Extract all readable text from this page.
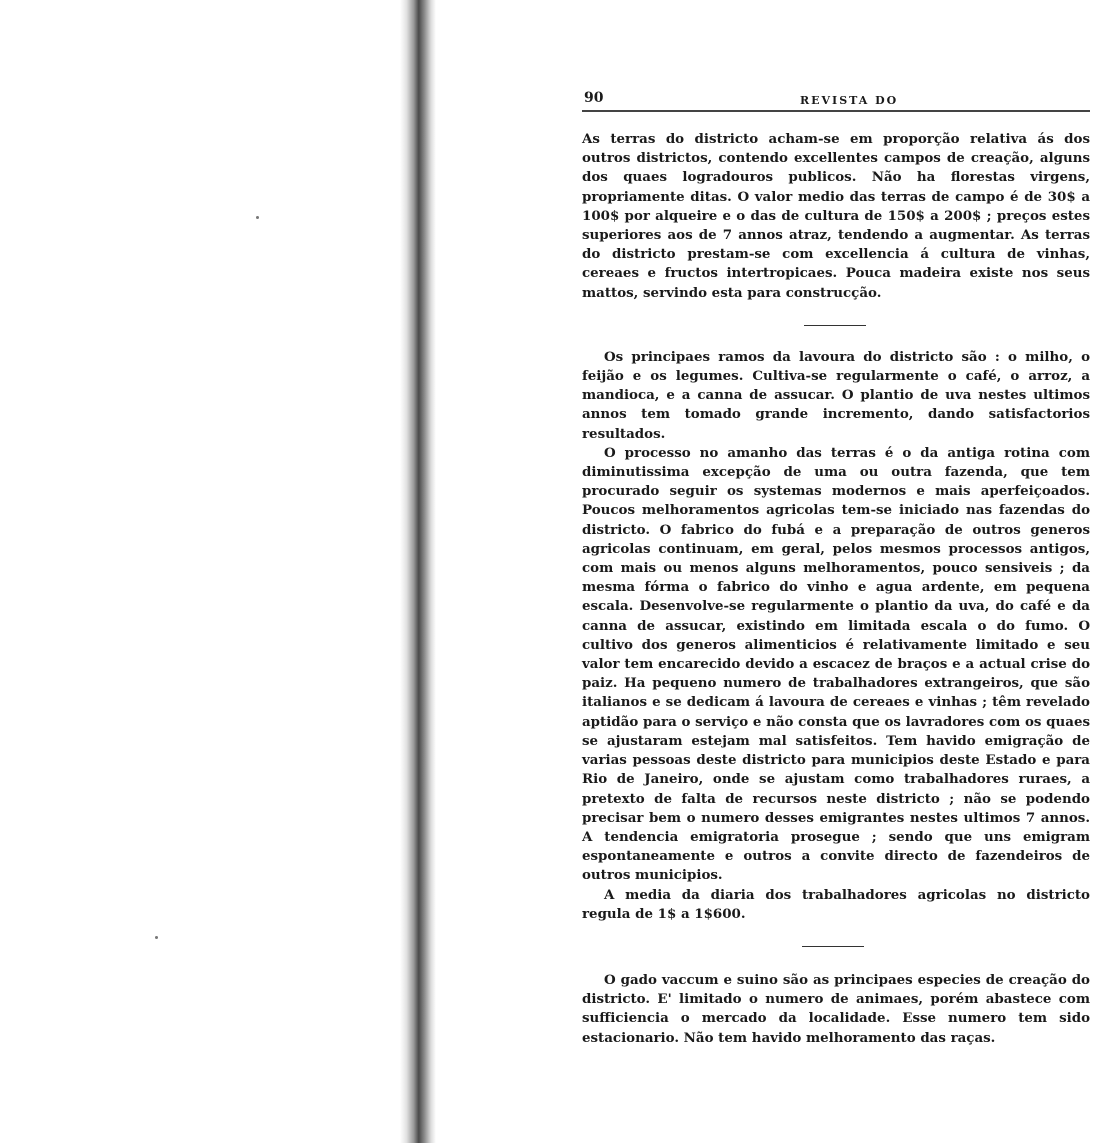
90	REVISTA DO

As terras do districto acham-se em proporção relativa ás dos outros districtos, contendo excellentes campos de creação, alguns dos quaes logradouros publicos. Não ha florestas virgens, propriamente ditas. O valor medio das terras de campo é de 30$ a 100$ por alqueire e o das de cultura de 150$ a 200$ ; preços estes superiores aos de 7 annos atraz, tendendo a augmentar. As terras do districto prestam-se com excellencia á cultura de vinhas, cereaes e fructos intertropicaes. Pouca madeira existe nos seus mattos, servindo esta para construcção.

Os principaes ramos da lavoura do districto são : o milho, o feijão e os legumes. Cultiva-se regularmente o café, o arroz, a mandioca, e a canna de assucar. O plantio de uva nestes ultimos annos tem tomado grande incremento, dando satisfactorios resultados.

O processo no amanho das terras é o da antiga rotina com diminutissima excepção de uma ou outra fazenda, que tem procurado seguir os systemas modernos e mais aperfeiçoados. Poucos melhoramentos agricolas tem-se iniciado nas fazendas do districto. O fabrico do fubá e a preparação de outros generos agricolas continuam, em geral, pelos mesmos processos antigos, com mais ou menos alguns melhoramentos, pouco sensiveis ; da mesma fórma o fabrico do vinho e agua ardente, em pequena escala. Desenvolve-se regularmente o plantio da uva, do café e da canna de assucar, existindo em limitada escala o do fumo. O cultivo dos generos alimenticios é relativamente limitado e seu valor tem encarecido devido a escacez de braços e a actual crise do paiz. Ha pequeno numero de trabalhadores extrangeiros, que são italianos e se dedicam á lavoura de cereaes e vinhas ; têm revelado aptidão para o serviço e não consta que os lavradores com os quaes se ajustaram estejam mal satisfeitos. Tem havido emigração de varias pessoas deste districto para municipios deste Estado e para Rio de Janeiro, onde se ajustam como trabalhadores ruraes, a pretexto de falta de recursos neste districto ; não se podendo precisar bem o numero desses emigrantes nestes ultimos 7 annos. A tendencia emigratoria prosegue ; sendo que uns emigram espontaneamente e outros a convite directo de fazendeiros de outros municipios.

A media da diaria dos trabalhadores agricolas no districto regula de 1$ a 1$600.

O gado vaccum e suino são as principaes especies de creação do districto. E' limitado o numero de animaes, porém abastece com sufficiencia o mercado da localidade. Esse numero tem sido estacionario. Não tem havido melhoramento das raças.
